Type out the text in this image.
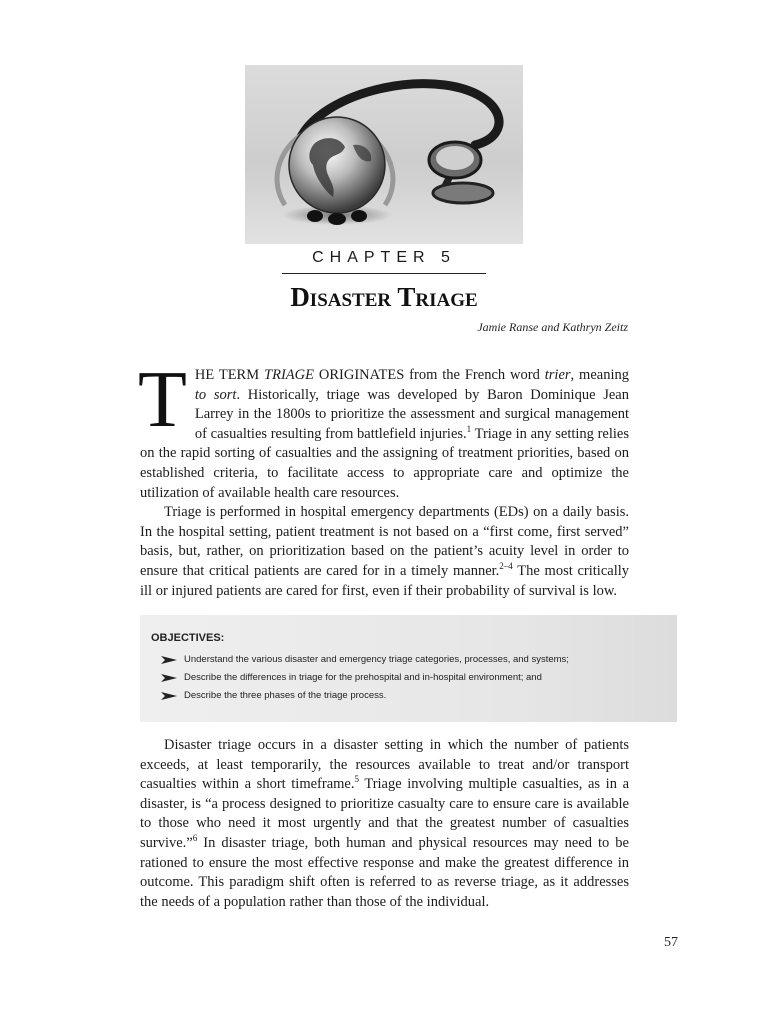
CHAPTER 5
Disaster Triage
Jamie Ranse and Kathryn Zeitz

THE TERM TRIAGE ORIGINATES from the French word trier, meaning to sort. Historically, triage was developed by Baron Dominique Jean Larrey in the 1800s to prioritize the assessment and surgical management of casualties resulting from battlefield injuries.$^1$ Triage in any setting relies on the rapid sorting of casualties and the assigning of treatment priorities, based on established criteria, to facilitate access to appropriate care and optimize the utilization of available health care resources.

Triage is performed in hospital emergency departments (EDs) on a daily basis. In the hospital setting, patient treatment is not based on a “first come, first served” basis, but, rather, on prioritization based on the patient’s acuity level in order to ensure that critical patients are cared for in a timely manner.$^{2-4}$ The most critically ill or injured patients are cared for first, even if their probability of survival is low.

OBJECTIVES:
Understand the various disaster and emergency triage categories, processes, and systems;
Describe the differences in triage for the prehospital and in-hospital environment; and
Describe the three phases of the triage process.

Disaster triage occurs in a disaster setting in which the number of patients exceeds, at least temporarily, the resources available to treat and/or transport casualties within a short timeframe.$^5$ Triage involving multiple casualties, as in a disaster, is “a process designed to prioritize casualty care to ensure care is available to those who need it most urgently and that the greatest number of casualties survive.”$^6$ In disaster triage, both human and physical resources may need to be rationed to ensure the most effective response and make the greatest difference in outcome. This paradigm shift often is referred to as reverse triage, as it addresses the needs of a population rather than those of the individual.

57
